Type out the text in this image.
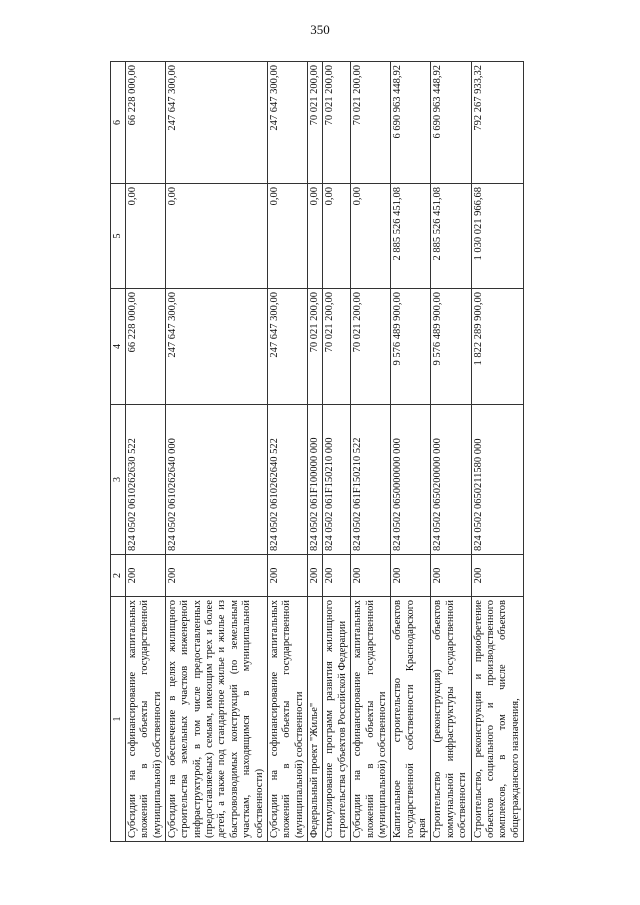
350
1	2	3	4	5	6
Субсидии на софинансирование капитальных вложений в объекты государственной (муниципальной) собственности	200	824 0502 0610262630 522	66 228 000,00	0,00	66 228 000,00
Субсидии на обеспечение в целях жилищного строительства земельных участков инженерной инфраструктурой, в том числе предоставленных (предоставляемых) семьям, имеющим трех и более детей, а также под стандартное жилье и жилье из быстровозводимых конструкций (по земельным участкам, находящимся в муниципальной собственности)	200	824 0502 0610262640 000	247 647 300,00	0,00	247 647 300,00
Субсидии на софинансирование капитальных вложений в объекты государственной (муниципальной) собственности	200	824 0502 0610262640 522	247 647 300,00	0,00	247 647 300,00
Федеральный проект "Жилье"	200	824 0502 061F100000 000	70 021 200,00	0,00	70 021 200,00
Стимулирование программ развития жилищного строительства субъектов Российской Федерации	200	824 0502 061F150210 000	70 021 200,00	0,00	70 021 200,00
Субсидии на софинансирование капитальных вложений в объекты государственной (муниципальной) собственности	200	824 0502 061F150210 522	70 021 200,00	0,00	70 021 200,00
Капитальное строительство объектов государственной собственности Краснодарского края	200	824 0502 0650000000 000	9 576 489 900,00	2 885 526 451,08	6 690 963 448,92
Строительство (реконструкция) объектов коммунальной инфраструктуры государственной собственности	200	824 0502 0650200000 000	9 576 489 900,00	2 885 526 451,08	6 690 963 448,92
Строительство, реконструкция и приобретение объектов социального и производственного комплексов, в том числе объектов общегражданского назначения,	200	824 0502 0650211580 000	1 822 289 900,00	1 030 021 966,68	792 267 933,32
